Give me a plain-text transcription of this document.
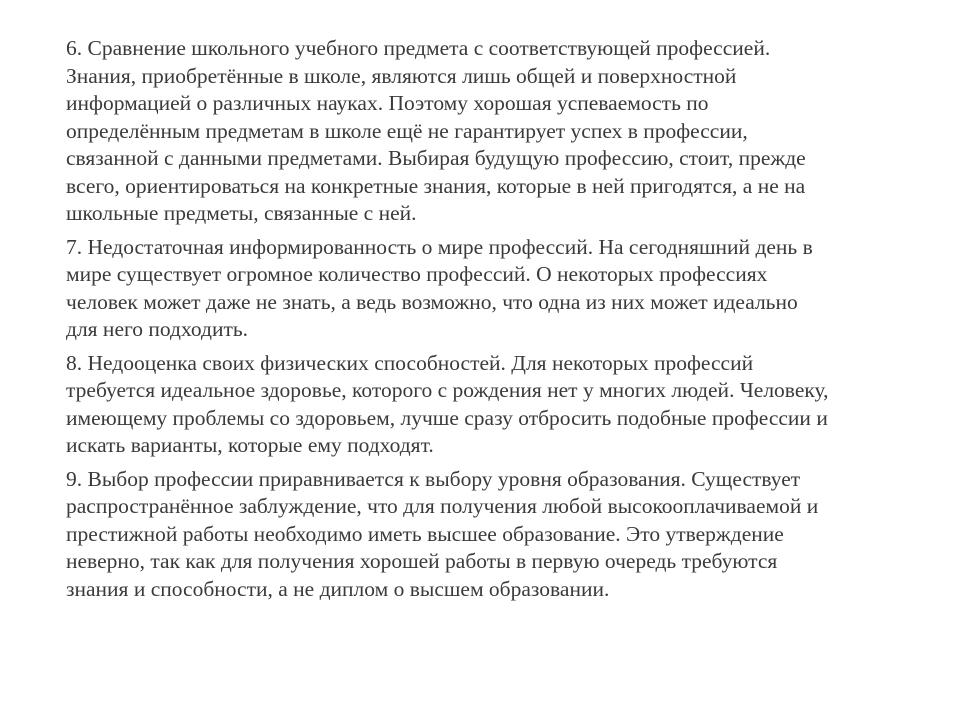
6. Сравнение школьного учебного предмета с соответствующей профессией.
Знания, приобретённые в школе, являются лишь общей и поверхностной
информацией о различных науках. Поэтому хорошая успеваемость по
определённым предметам в школе ещё не гарантирует успех в профессии,
связанной с данными предметами. Выбирая будущую профессию, стоит, прежде
всего, ориентироваться на конкретные знания, которые в ней пригодятся, а не на
школьные предметы, связанные с ней.

7. Недостаточная информированность о мире профессий. На сегодняшний день в
мире существует огромное количество профессий. О некоторых профессиях
человек может даже не знать, а ведь возможно, что одна из них может идеально
для него подходить.

8. Недооценка своих физических способностей. Для некоторых профессий
требуется идеальное здоровье, которого с рождения нет у многих людей. Человеку,
имеющему проблемы со здоровьем, лучше сразу отбросить подобные профессии и
искать варианты, которые ему подходят.

9. Выбор профессии приравнивается к выбору уровня образования. Существует
распространённое заблуждение, что для получения любой высокооплачиваемой и
престижной работы необходимо иметь высшее образование. Это утверждение
неверно, так как для получения хорошей работы в первую очередь требуются
знания и способности, а не диплом о высшем образовании.
